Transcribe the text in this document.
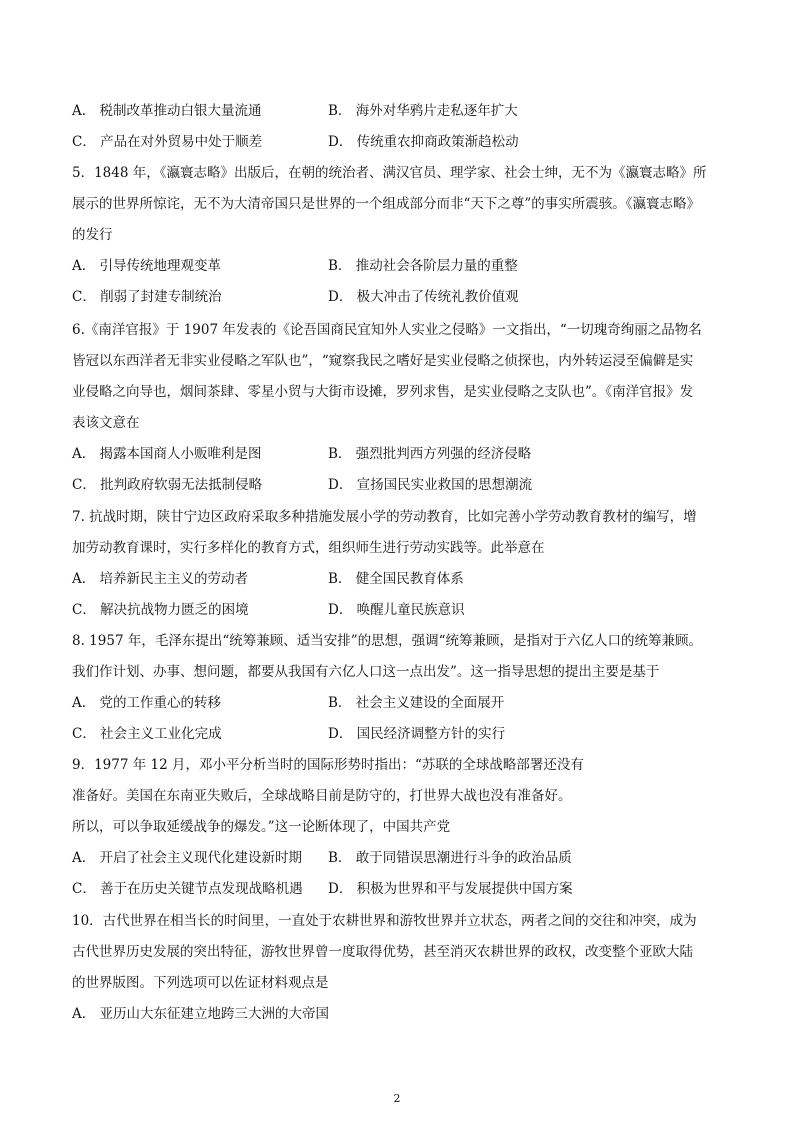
A． 税制改革推动白银大量流通	B． 海外对华鸦片走私逐年扩大
C． 产品在对外贸易中处于顺差	D． 传统重农抑商政策渐趋松动
5．1848 年，《瀛寰志略》出版后，在朝的统治者、满汉官员、理学家、社会士绅，无不为《瀛寰志略》所
展示的世界所惊诧，无不为大清帝国只是世界的一个组成部分而非“天下之尊”的事实所震骇。《瀛寰志略》
的发行
A． 引导传统地理观变革	B． 推动社会各阶层力量的重整
C． 削弱了封建专制统治	D． 极大冲击了传统礼教价值观
6.《南洋官报》于 1907 年发表的《论吾国商民宜知外人实业之侵略》一文指出，“一切瑰奇绚丽之品物名
皆冠以东西洋者无非实业侵略之军队也”，“窥察我民之嗜好是实业侵略之侦探也，内外转运浸至偏僻是实
业侵略之向导也，烟间茶肆、零星小贸与大街市设摊，罗列求售，是实业侵略之支队也”。《南洋官报》发
表该文意在
A． 揭露本国商人小贩唯利是图	B． 强烈批判西方列强的经济侵略
C． 批判政府软弱无法抵制侵略	D． 宣扬国民实业救国的思想潮流
7. 抗战时期，陕甘宁边区政府采取多种措施发展小学的劳动教育，比如完善小学劳动教育教材的编写，增
加劳动教育课时，实行多样化的教育方式，组织师生进行劳动实践等。此举意在
A． 培养新民主主义的劳动者	B． 健全国民教育体系
C． 解决抗战物力匮乏的困境	D． 唤醒儿童民族意识
8. 1957 年，毛泽东提出“统筹兼顾、适当安排”的思想，强调“统筹兼顾，是指对于六亿人口的统筹兼顾。
我们作计划、办事、想问题，都要从我国有六亿人口这一点出发”。这一指导思想的提出主要是基于
A． 党的工作重心的转移	B． 社会主义建设的全面展开
C． 社会主义工业化完成	D． 国民经济调整方针的实行
9．1977 年 12 月，邓小平分析当时的国际形势时指出：“苏联的全球战略部署还没有
准备好。美国在东南亚失败后，全球战略目前是防守的，打世界大战也没有准备好。
所以，可以争取延缓战争的爆发。”这一论断体现了，中国共产党
A． 开启了社会主义现代化建设新时期	B． 敢于同错误思潮进行斗争的政治品质
C． 善于在历史关键节点发现战略机遇	D． 积极为世界和平与发展提供中国方案
10．古代世界在相当长的时间里，一直处于农耕世界和游牧世界并立状态，两者之间的交往和冲突，成为
古代世界历史发展的突出特征，游牧世界曾一度取得优势，甚至消灭农耕世界的政权，改变整个亚欧大陆
的世界版图。下列选项可以佐证材料观点是
A． 亚历山大东征建立地跨三大洲的大帝国
2
